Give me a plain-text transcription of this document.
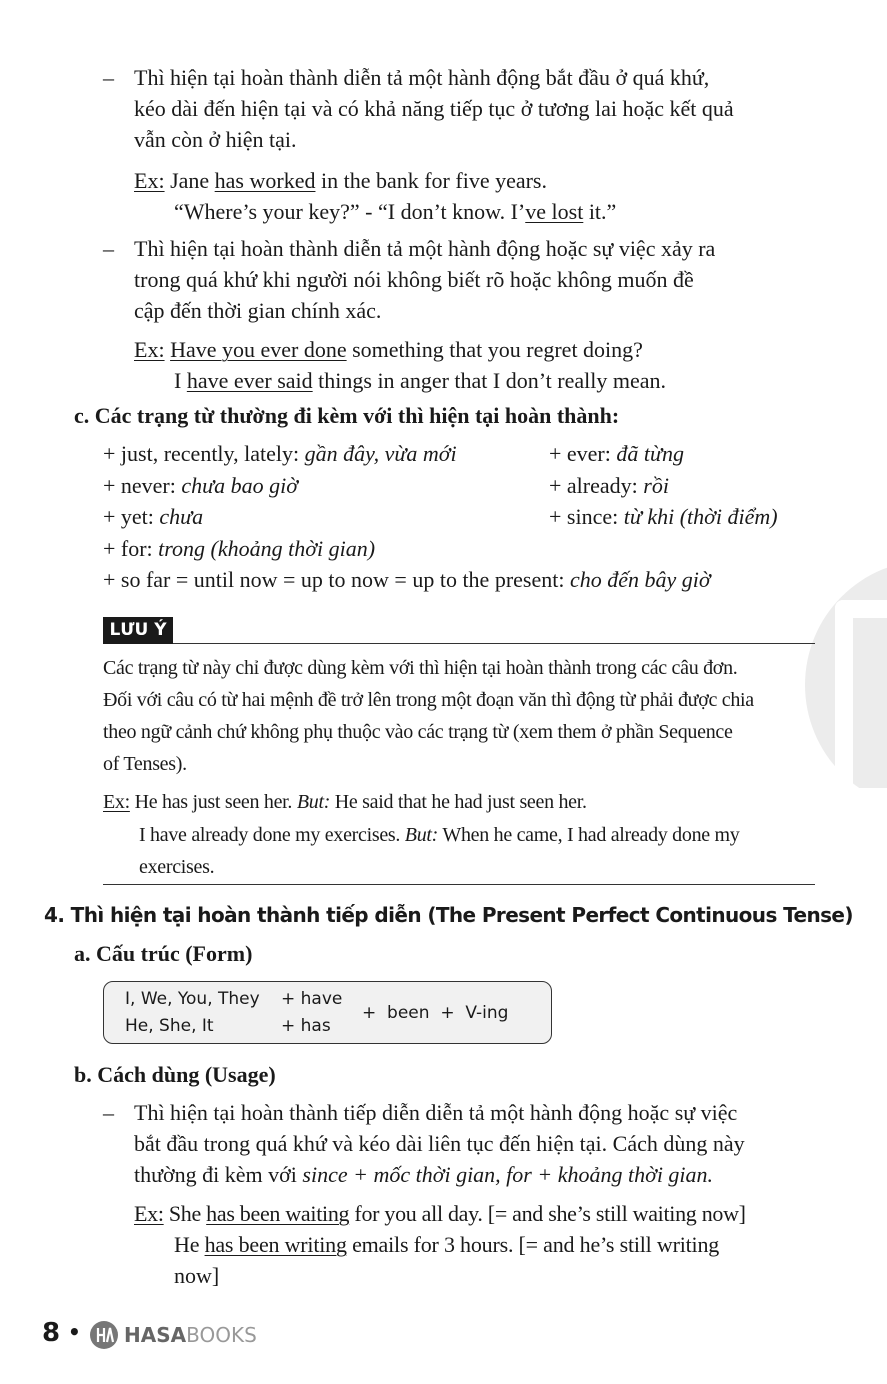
– Thì hiện tại hoàn thành diễn tả một hành động bắt đầu ở quá khứ,
kéo dài đến hiện tại và có khả năng tiếp tục ở tương lai hoặc kết quả
vẫn còn ở hiện tại.
Ex: Jane has worked in the bank for five years.
“Where’s your key?” - “I don’t know. I’ve lost it.”
– Thì hiện tại hoàn thành diễn tả một hành động hoặc sự việc xảy ra
trong quá khứ khi người nói không biết rõ hoặc không muốn đề
cập đến thời gian chính xác.
Ex: Have you ever done something that you regret doing?
I have ever said things in anger that I don’t really mean.
c. Các trạng từ thường đi kèm với thì hiện tại hoàn thành:
+ just, recently, lately: gần đây, vừa mới	+ ever: đã từng
+ never: chưa bao giờ	+ already: rồi
+ yet: chưa	+ since: từ khi (thời điểm)
+ for: trong (khoảng thời gian)
+ so far = until now = up to now = up to the present: cho đến bây giờ
LƯU Ý
Các trạng từ này chỉ được dùng kèm với thì hiện tại hoàn thành trong các câu đơn.
Đối với câu có từ hai mệnh đề trở lên trong một đoạn văn thì động từ phải được chia
theo ngữ cảnh chứ không phụ thuộc vào các trạng từ (xem them ở phần Sequence
of Tenses).
Ex: He has just seen her. But: He said that he had just seen her.
I have already done my exercises. But: When he came, I had already done my
exercises.
4. Thì hiện tại hoàn thành tiếp diễn (The Present Perfect Continuous Tense)
a. Cấu trúc (Form)
I, We, You, They + have
He, She, It	+ has
+  been  +  V-ing
b. Cách dùng (Usage)
– Thì hiện tại hoàn thành tiếp diễn diễn tả một hành động hoặc sự việc
bắt đầu trong quá khứ và kéo dài liên tục đến hiện tại. Cách dùng này
thường đi kèm với since + mốc thời gian, for + khoảng thời gian.
Ex: She has been waiting for you all day. [= and she’s still waiting now]
He has been writing emails for 3 hours. [= and he’s still writing
now]
8 • HASABOOKS
